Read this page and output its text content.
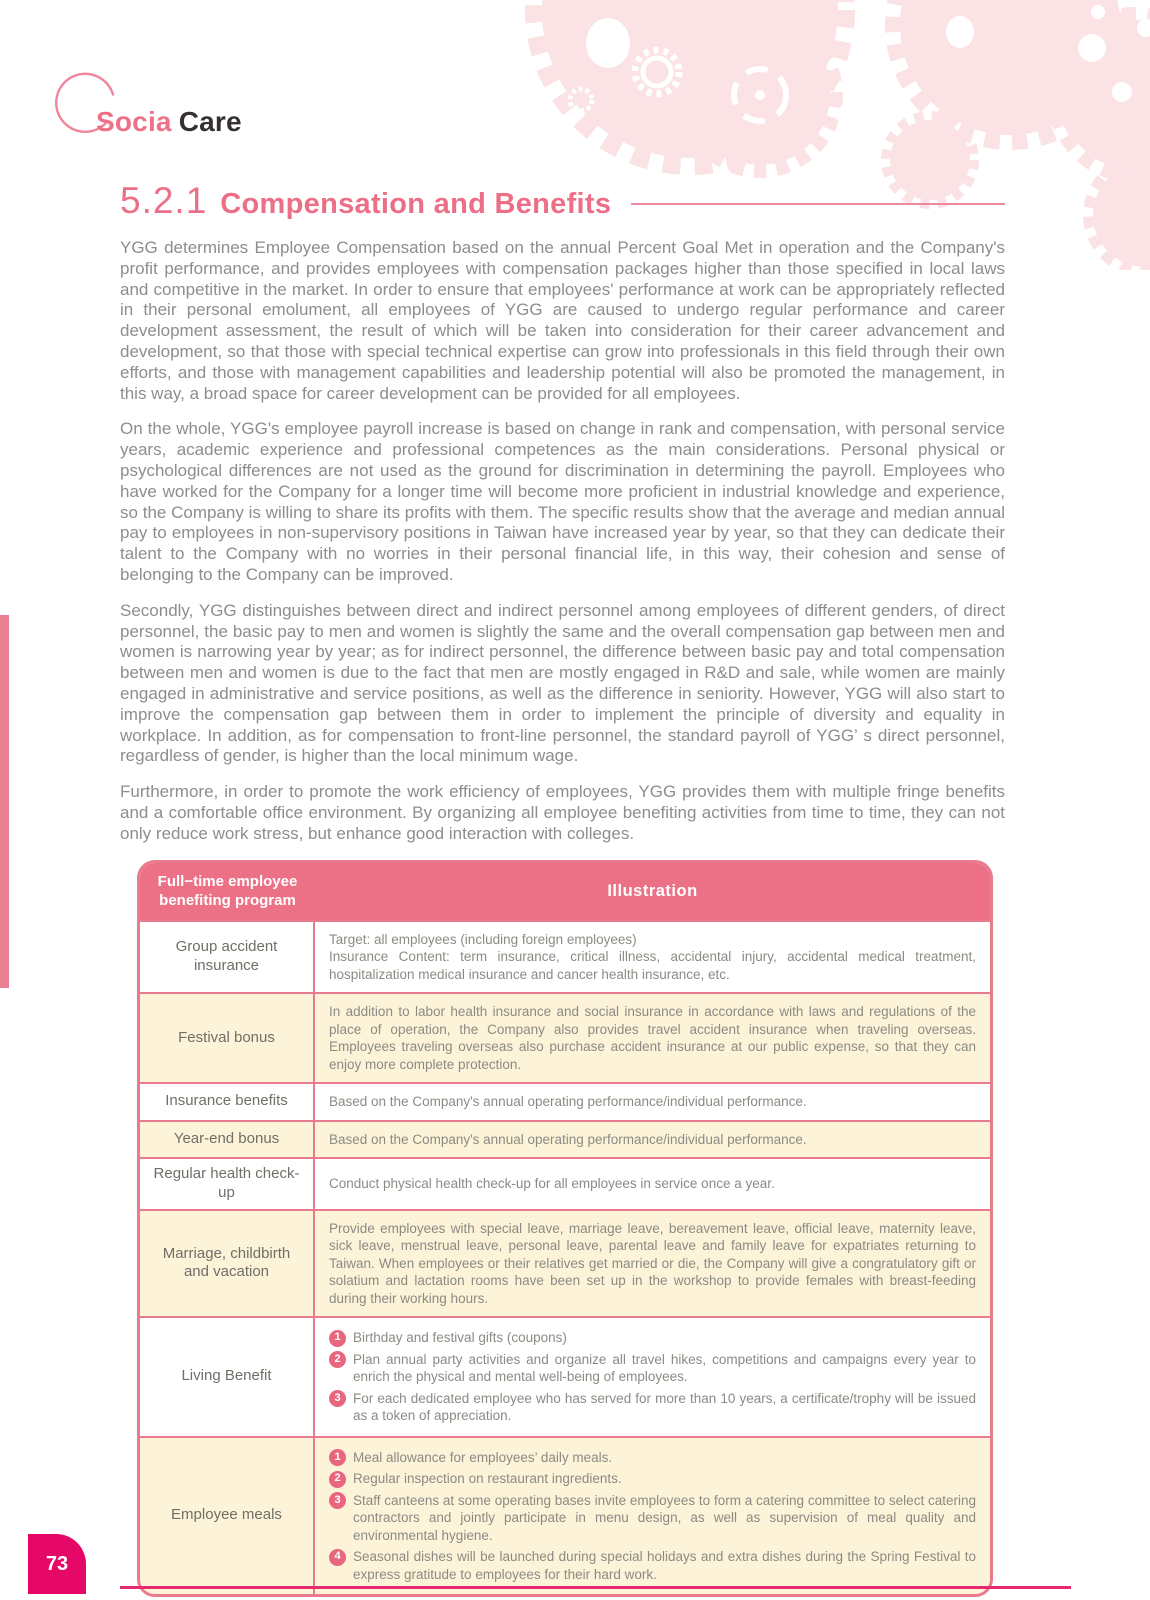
Socia Care
5.2.1 Compensation and Benefits

YGG determines Employee Compensation based on the annual Percent Goal Met in operation and the Company's profit performance, and provides employees with compensation packages higher than those specified in local laws and competitive in the market. In order to ensure that employees' performance at work can be appropriately reflected in their personal emolument, all employees of YGG are caused to undergo regular performance and career development assessment, the result of which will be taken into consideration for their career advancement and development, so that those with special technical expertise can grow into professionals in this field through their own efforts, and those with management capabilities and leadership potential will also be promoted the management, in this way, a broad space for career development can be provided for all employees.

On the whole, YGG's employee payroll increase is based on change in rank and compensation, with personal service years, academic experience and professional competences as the main considerations. Personal physical or psychological differences are not used as the ground for discrimination in determining the payroll. Employees who have worked for the Company for a longer time will become more proficient in industrial knowledge and experience, so the Company is willing to share its profits with them. The specific results show that the average and median annual pay to employees in non-supervisory positions in Taiwan have increased year by year, so that they can dedicate their talent to the Company with no worries in their personal financial life, in this way, their cohesion and sense of belonging to the Company can be improved.

Secondly, YGG distinguishes between direct and indirect personnel among employees of different genders, of direct personnel, the basic pay to men and women is slightly the same and the overall compensation gap between men and women is narrowing year by year; as for indirect personnel, the difference between basic pay and total compensation between men and women is due to the fact that men are mostly engaged in R&D and sale, while women are mainly engaged in administrative and service positions, as well as the difference in seniority. However, YGG will also start to improve the compensation gap between them in order to implement the principle of diversity and equality in workplace. In addition, as for compensation to front-line personnel, the standard payroll of YGG’ s direct personnel, regardless of gender, is higher than the local minimum wage.

Furthermore, in order to promote the work efficiency of employees, YGG provides them with multiple fringe benefits and a comfortable office environment. By organizing all employee benefiting activities from time to time, they can not only reduce work stress, but enhance good interaction with colleges.

Full−time employee benefiting program
Illustration
Group accident insurance

Target: all employees (including foreign employees)

Insurance Content: term insurance, critical illness, accidental injury, accidental medical treatment, hospitalization medical insurance and cancer health insurance, etc.

Festival bonus

In addition to labor health insurance and social insurance in accordance with laws and regulations of the place of operation, the Company also provides travel accident insurance when traveling overseas. Employees traveling overseas also purchase accident insurance at our public expense, so that they can enjoy more complete protection.

Insurance benefits	Based on the Company's annual operating performance/individual performance.

Year-end bonus	Based on the Company's annual operating performance/individual performance.

Regular health check-up

Conduct physical health check-up for all employees in service once a year.

Marriage, childbirth and vacation

Provide employees with special leave, marriage leave, bereavement leave, official leave, maternity leave, sick leave, menstrual leave, personal leave, parental leave and family leave for expatriates returning to Taiwan. When employees or their relatives get married or die, the Company will give a congratulatory gift or solatium and lactation rooms have been set up in the workshop to provide females with breast-feeding during their working hours.

Living Benefit
1 Birthday and festival gifts (coupons)
2 Plan annual party activities and organize all travel hikes, competitions and campaigns every year to enrich the physical and mental well-being of employees.
3 For each dedicated employee who has served for more than 10 years, a certificate/trophy will be issued as a token of appreciation.
Employee meals
1 Meal allowance for employees’ daily meals.
2 Regular inspection on restaurant ingredients.
3 Staff canteens at some operating bases invite employees to form a catering committee to select catering contractors and jointly participate in menu design, as well as supervision of meal quality and environmental hygiene.
4 Seasonal dishes will be launched during special holidays and extra dishes during the Spring Festival to express gratitude to employees for their hard work.
73
